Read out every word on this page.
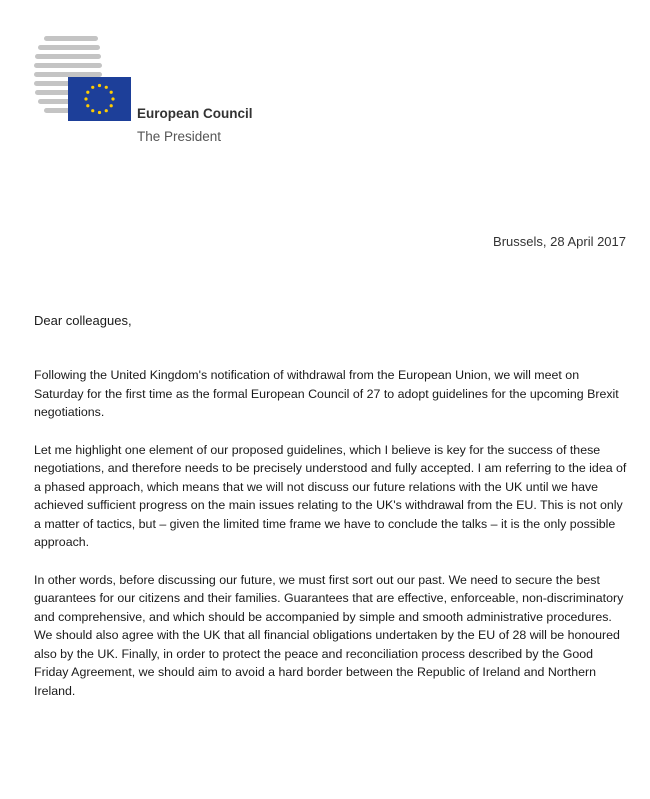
European Council
The President
Brussels, 28 April 2017
Dear colleagues,

Following the United Kingdom's notification of withdrawal from the European Union, we will meet on Saturday for the first time as the formal European Council of 27 to adopt guidelines for the upcoming Brexit negotiations.

Let me highlight one element of our proposed guidelines, which I believe is key for the success of these negotiations, and therefore needs to be precisely understood and fully accepted. I am referring to the idea of a phased approach, which means that we will not discuss our future relations with the UK until we have achieved sufficient progress on the main issues relating to the UK's withdrawal from the EU. This is not only a matter of tactics, but – given the limited time frame we have to conclude the talks – it is the only possible approach.

In other words, before discussing our future, we must first sort out our past. We need to secure the best guarantees for our citizens and their families. Guarantees that are effective, enforceable, non-discriminatory and comprehensive, and which should be accompanied by simple and smooth administrative procedures. We should also agree with the UK that all financial obligations undertaken by the EU of 28 will be honoured also by the UK. Finally, in order to protect the peace and reconciliation process described by the Good Friday Agreement, we should aim to avoid a hard border between the Republic of Ireland and Northern Ireland.
